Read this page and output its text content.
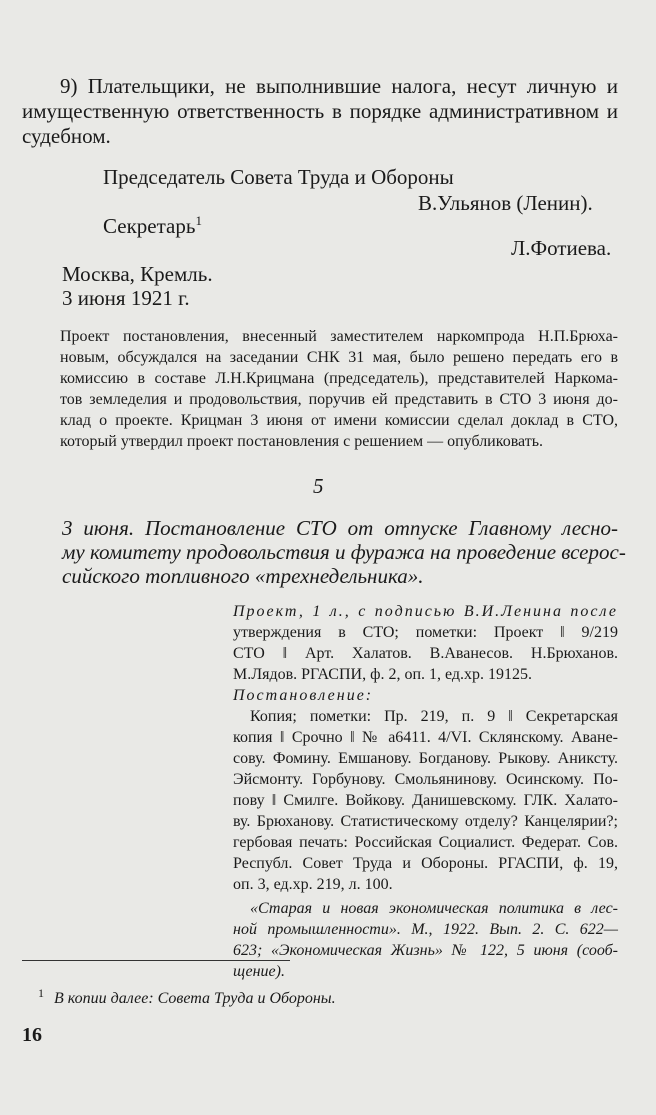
9) Плательщики, не выполнившие налога, несут личную и
имущественную ответственность в порядке административном и
судебном.
Председатель Совета Труда и Обороны
В.Ульянов (Ленин).
Секретарь$^1$
Л.Фотиева.
Москва, Кремль.
3 июня 1921 г.
Проект постановления, внесенный заместителем наркомпрода Н.П.Брюха-
новым, обсуждался на заседании СНК 31 мая, было решено передать его в
комиссию в составе Л.Н.Крицмана (председатель), представителей Наркома-
тов земледелия и продовольствия, поручив ей представить в СТО 3 июня до-
клад о проекте. Крицман 3 июня от имени комиссии сделал доклад в СТО,
который утвердил проект постановления с решением — опубликовать.
5
3 июня. Постановление СТО от отпуске Главному лесно-
му комитету продовольствия и фуража на проведение всерос-
сийского топливного «трехнедельника».
Проект, 1 л., с подписью В.И.Ленина после
утверждения в СТО; пометки: Проект ‖ 9/219
СТО ‖ Арт. Халатов. В.Аванесов. Н.Брюханов.
М.Лядов. РГАСПИ, ф. 2, оп. 1, ед.хр. 19125.
Постановление:
Копия; пометки: Пр. 219, п. 9 ‖ Секретарская
копия ‖ Срочно ‖ № а6411. 4/VI. Склянскому. Аване-
сову. Фомину. Емшанову. Богданову. Рыкову. Аниксту.
Эйсмонту. Горбунову. Смольянинову. Осинскому. По-
пову ‖ Смилге. Войкову. Данишевскому. ГЛК. Халато-
ву. Брюханову. Статистическому отделу? Канцелярии?;
гербовая печать: Российская Социалист. Федерат. Сов.
Республ. Совет Труда и Обороны. РГАСПИ, ф. 19,
оп. 3, ед.хр. 219, л. 100.
«Старая и новая экономическая политика в лес-
ной промышленности». М., 1922. Вып. 2. С. 622—
623; «Экономическая Жизнь» № 122, 5 июня (сооб-
щение).
$^1$ В копии далее: Совета Труда и Обороны.
16
